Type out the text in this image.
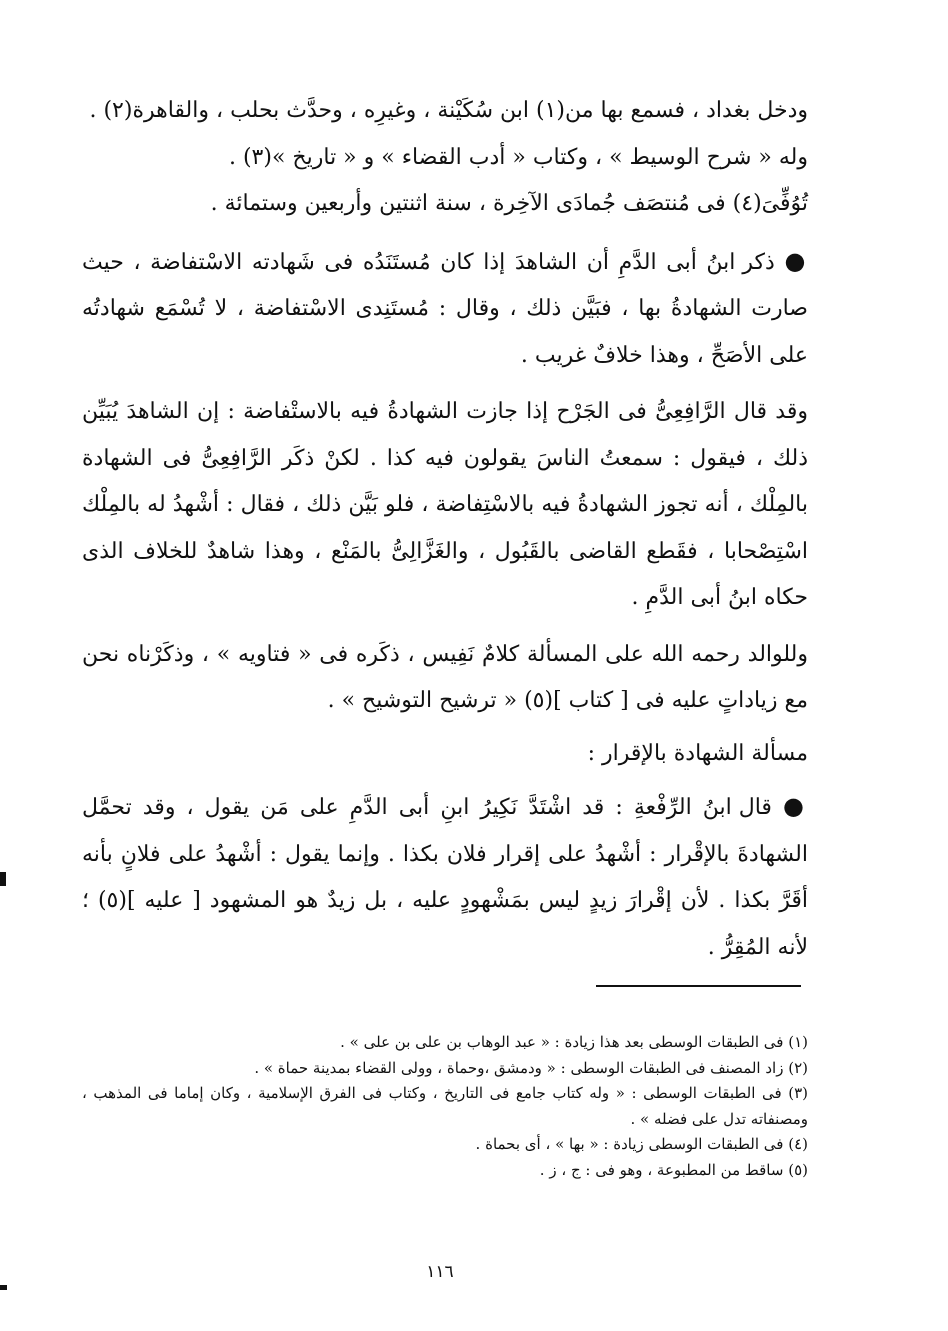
ودخل بغداد ، فسمع بها من(١) ابن سُكَيْنة ، وغيرِه ، وحدَّث بحلب ، والقاهرة(٢) .

وله « شرح الوسيط » ، وكتاب « أدب القضاء » و « تاريخ »(٣) .

تُوُفِّىَ(٤) فى مُنتصَف جُمادَى الآخِرة ، سنة اثنتين وأربعين وستمائة .

● ذكر ابنُ أبى الدَّمِ أن الشاهدَ إذا كان مُستَنَدُه فى شَهادته الاسْتفاضة ، حيث صارت الشهادةُ بها ، فبَيَّن ذلك ، وقال : مُستَنِدى الاسْتفاضة ، لا تُسْمَع شهادتُه على الأصَحِّ ، وهذا خلافٌ غريب .

وقد قال الرَّافِعِىُّ فى الجَرْح إذا جازت الشهادةُ فيه بالاستْفاضة : إن الشاهدَ يُبَيِّن ذلك ، فيقول : سمعتُ الناسَ يقولون فيه كذا . لكنْ ذكَر الرَّافِعِىُّ فى الشهادة بالمِلْك ، أنه تجوز الشهادةُ فيه بالاسْتِفاضة ، فلو بَيَّن ذلك ، فقال : أشْهدُ له بالمِلْك اسْتِصْحابا ، فقَطع القاضى بالقَبُول ، والغَزَّالِىُّ بالمَنْع ، وهذا شاهدٌ للخلاف الذى حكاه ابنُ أبى الدَّمِ .

وللوالد رحمه الله على المسألة كلامٌ نَفِيس ، ذكَره فى « فتاويه » ، وذكَرْناه نحن مع زياداتٍ عليه فى [ كتاب ](٥) « ترشيح التوشيح » .

مسألة الشهادة بالإقرار :

● قال ابنُ الرِّفْعةِ : قد اشْتَدَّ نَكِيرُ ابنِ أبى الدَّمِ على مَن يقول ، وقد تحمَّل الشهادةَ بالإقْرار : أشْهدُ على إقرار فلان بكذا . وإنما يقول : أشْهدُ على فلانٍ بأنه أقَرَّ بكذا . لأن إقْرارَ زيدٍ ليس بمَشْهودٍ عليه ، بل زيدٌ هو المشهود [ عليه ](٥) ؛ لأنه المُقِرُّ .

(١) فى الطبقات الوسطى بعد هذا زيادة : « عبد الوهاب بن على بن على » .

(٢) زاد المصنف فى الطبقات الوسطى : « ودمشق ،وحماة ، وولى القضاء بمدينة حماة » .

(٣) فى الطبقات الوسطى : « وله كتاب جامع فى التاريخ ، وكتاب فى الفرق الإسلامية ، وكان إماما فى المذهب ، ومصنفاته تدل على فضله » .

(٤) فى الطبقات الوسطى زيادة : « بها » ، أى بحماة .

(٥) ساقط من المطبوعة ، وهو فى : ج ، ز .

١١٦
